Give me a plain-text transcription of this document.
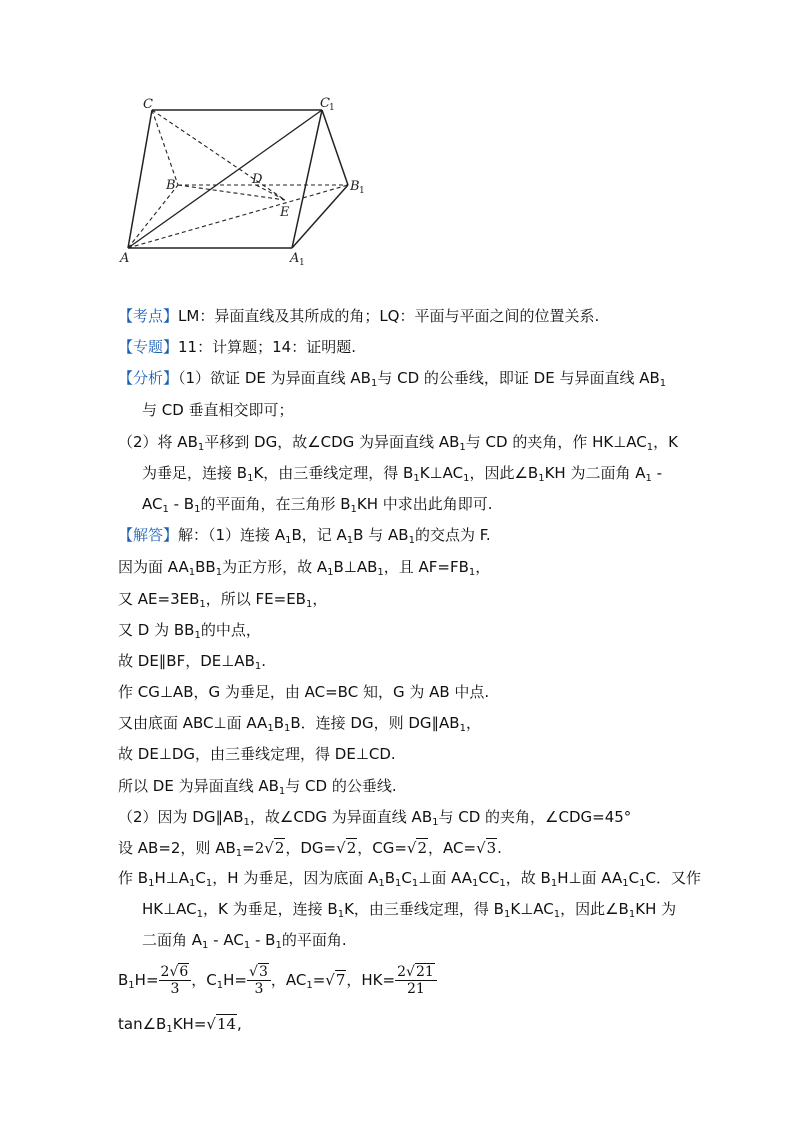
C	C 1
B	D	B 1
E
A	A 1
【考点】LM：异面直线及其所成的角；LQ：平面与平面之间的位置关系.
【专题】11：计算题；14：证明题.
【分析】（1）欲证 DE 为异面直线 $AB_1$与 CD 的公垂线，即证 DE 与异面直线 $AB_1$
与 CD 垂直相交即可；
（2）将 $AB_1$平移到 DG，故∠CDG 为异面直线 $AB_1$与 CD 的夹角，作 $HK\perp AC_1$，K
为垂足，连接 $B_1K$，由三垂线定理，得 $B_1K\perp AC_1$，因此$\angle B_1KH$ 为二面角 $A_1$ -
$AC_1 - B_1$的平面角，在三角形 $B_1KH$ 中求出此角即可.
【解答】解：（1）连接 $A_1B$，记 $A_1B$ 与 $AB_1$的交点为 F.
因为面 $AA_1BB_1$为正方形，故 $A_1B\perp AB_1$，且 $AF=FB_1$，
又 $AE=3EB_1$，所以 $FE=EB_1$，
又 D 为 $BB_1$的中点，
故 DE∥BF，$DE\perp AB_1$.
作 CG⊥AB，G 为垂足，由 AC=BC 知，G 为 AB 中点.
又由底面 ABC⊥面 $AA_1B_1B$．连接 DG，则 $DG\parallel AB_1$，
故 DE⊥DG，由三垂线定理，得 DE⊥CD.
所以 DE 为异面直线 $AB_1$与 CD 的公垂线.
（2）因为 $DG\parallel AB_1$，故∠CDG 为异面直线 $AB_1$与 CD 的夹角，∠CDG=45°
设 AB=2，则 $AB_1=2√2$，DG=√2，CG=√2，AC=√3.
作 $B_1H\perp A_1C_1$，H 为垂足，因为底面 $A_1B_1C_1\perp$面 $AA_1CC_1$，故 $B_1H\perp$面 $AA_1C_1C$．又作
$HK\perp AC_1$，K 为垂足，连接 $B_1K$，由三垂线定理，得 $B_1K\perp AC_1$，因此$\angle B_1KH$ 为
二面角 $A_1 - AC_1 - B_1$的平面角.
$B_1H= \frac{2√6}{3}$ ，$C_1H= \frac{√3}{3}$ ，$AC_1=√7$，$HK= \frac{2√21}{21}$
$\tan\angle B_1KH=√14$,
